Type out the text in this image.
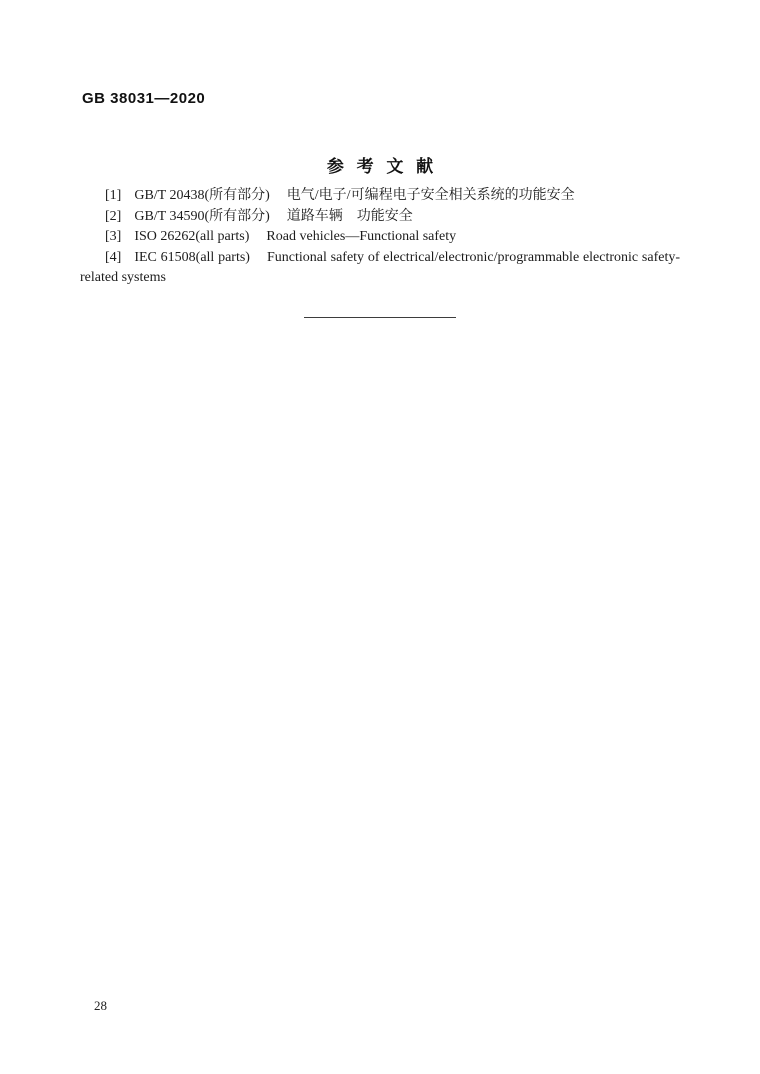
GB 38031—2020
参考文献

[1] GB/T 20438(所有部分) 电气/电子/可编程电子安全相关系统的功能安全

[2] GB/T 34590(所有部分) 道路车辆　功能安全

[3] ISO 26262(all parts) Road vehicles—Functional safety

[4] IEC 61508(all parts) Functional safety of electrical/electronic/programmable electronic safety-related systems

28
